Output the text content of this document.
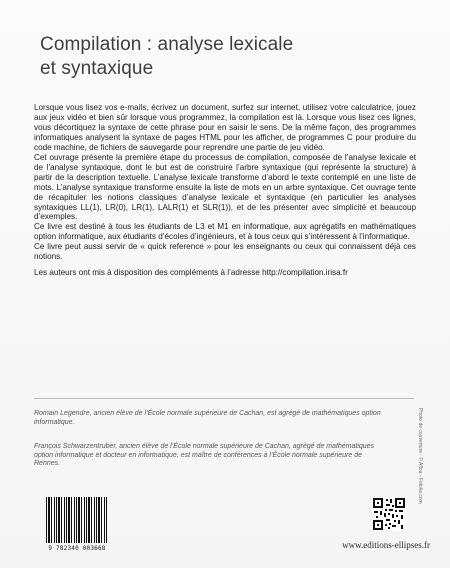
Compilation : analyse lexicale
et syntaxique

Lorsque vous lisez vos e-mails, écrivez un document, surfez sur internet, utilisez votre calculatrice, jouez aux jeux vidéo et bien sûr lorsque vous programmez, la compilation est là. Lorsque vous lisez ces lignes, vous décortiquez la syntaxe de cette phrase pour en saisir le sens. De la même façon, des programmes informatiques analysent la syntaxe de pages HTML pour les afficher, de programmes C pour produire du code machine, de fichiers de sauvegarde pour reprendre une partie de jeu vidéo.

Cet ouvrage présente la première étape du processus de compilation, composée de l’analyse lexicale et de l’analyse syntaxique, dont le but est de construire l’arbre syntaxique (qui représente la structure) à partir de la description textuelle. L’analyse lexicale transforme d’abord le texte contemplé en une liste de mots. L’analyse syntaxique transforme ensuite la liste de mots en un arbre syntaxique. Cet ouvrage tente de récapituler les notions classiques d’analyse lexicale et syntaxique (en particulier les analyses syntaxiques LL(1), LR(0), LR(1), LALR(1) et SLR(1)), et de les présenter avec simplicité et beaucoup d’exemples.

Ce livre est destiné à tous les étudiants de L3 et M1 en informatique, aux agrégatifs en mathématiques option informatique, aux étudiants d’écoles d’ingénieurs, et à tous ceux qui s’intéressent à l’informatique.

Ce livre peut aussi servir de « quick reference » pour les enseignants ou ceux qui connaissent déjà ces notions.

Les auteurs ont mis à disposition des compléments à l’adresse http://compilation.irisa.fr

Romain Legendre, ancien élève de l’École normale supérieure de Cachan, est agrégé de mathématiques option informatique.

François Schwarzentruber, ancien élève de l’École normale supérieure de Cachan, agrégé de mathématiques option informatique et docteur en informatique, est maître de conférences à l’École normale supérieure de Rennes.	Photo de couverture : © Afloa - Fotolia.com
9 782340 003668	www.editions-ellipses.fr
